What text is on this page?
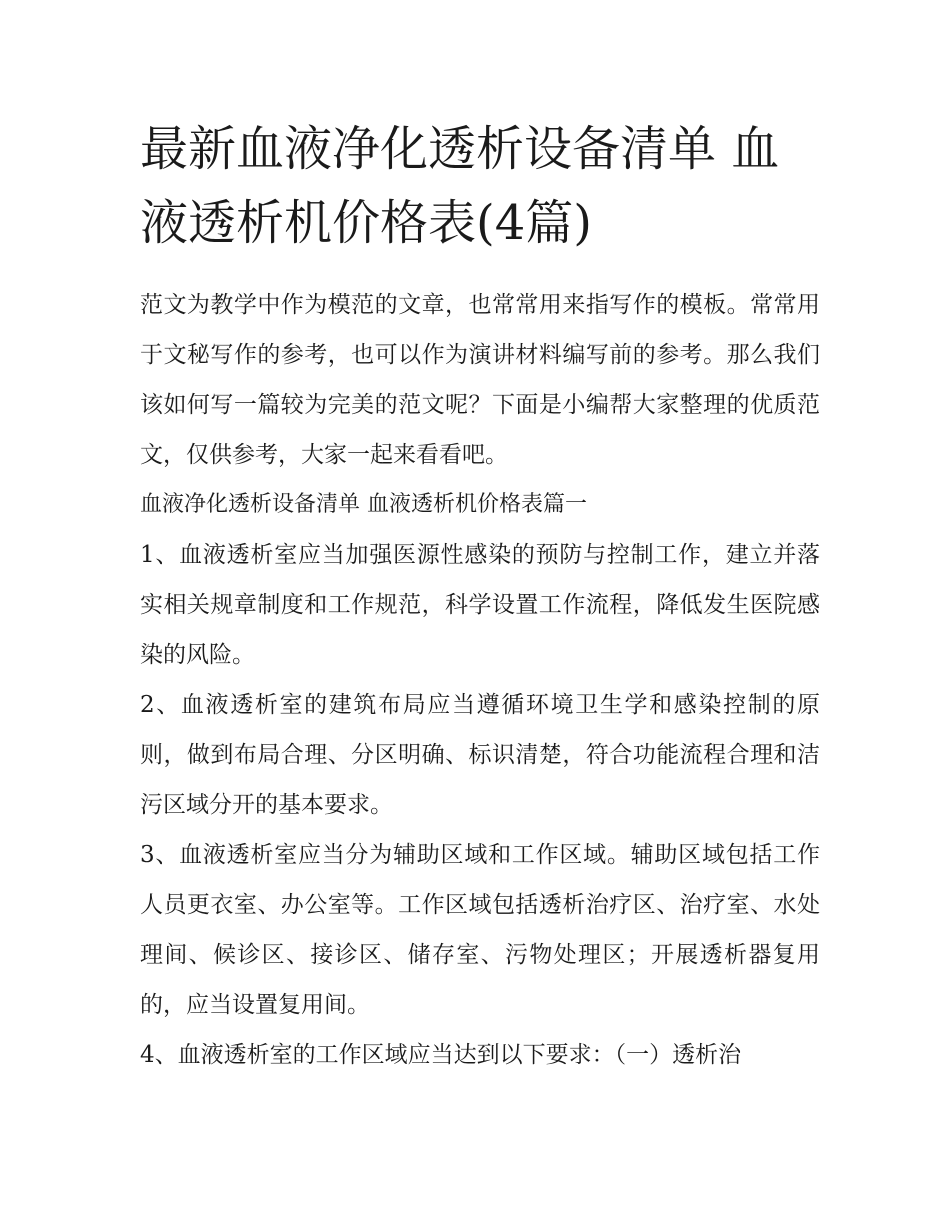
最新血液净化透析设备清单 血液透析机价格表(4篇)

范文为教学中作为模范的文章，也常常用来指写作的模板。常常用于文秘写作的参考，也可以作为演讲材料编写前的参考。那么我们该如何写一篇较为完美的范文呢？下面是小编帮大家整理的优质范文，仅供参考，大家一起来看看吧。

血液净化透析设备清单 血液透析机价格表篇一

1、血液透析室应当加强医源性感染的预防与控制工作，建立并落实相关规章制度和工作规范，科学设置工作流程，降低发生医院感染的风险。

2、血液透析室的建筑布局应当遵循环境卫生学和感染控制的原则，做到布局合理、分区明确、标识清楚，符合功能流程合理和洁污区域分开的基本要求。

3、血液透析室应当分为辅助区域和工作区域。辅助区域包括工作人员更衣室、办公室等。工作区域包括透析治疗区、治疗室、水处理间、候诊区、接诊区、储存室、污物处理区；开展透析器复用的，应当设置复用间。

4、血液透析室的工作区域应当达到以下要求：（一）透析治
